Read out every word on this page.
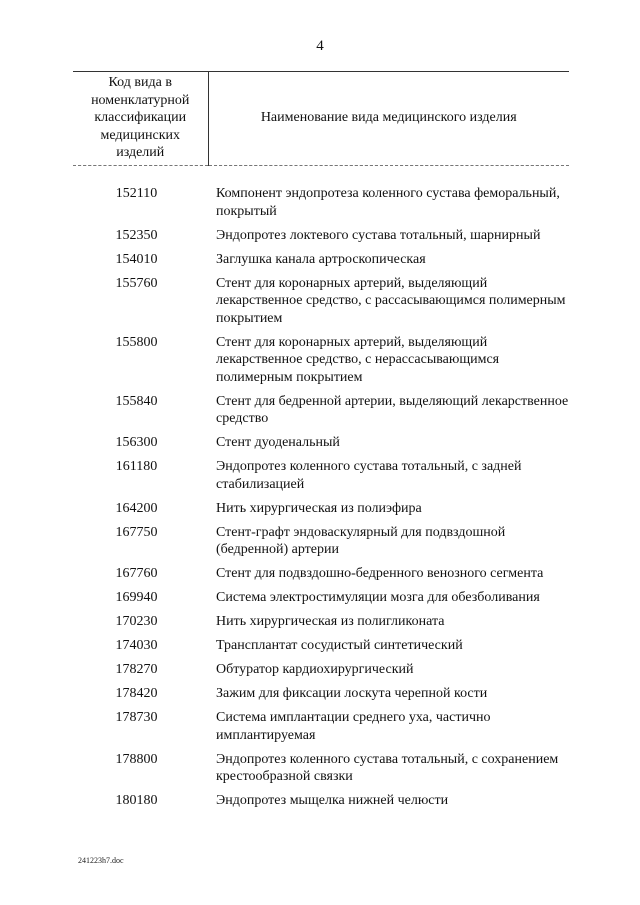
4
Код вида в номенклатурной классификации медицинских изделий	Наименование вида медицинского изделия

152110	Компонент эндопротеза коленного сустава феморальный, покрытый
152350	Эндопротез локтевого сустава тотальный, шарнирный
154010	Заглушка канала артроскопическая
155760	Стент для коронарных артерий, выделяющий лекарственное средство, с рассасывающимся полимерным покрытием
155800	Стент для коронарных артерий, выделяющий лекарственное средство, с нерассасывающимся полимерным покрытием
155840	Стент для бедренной артерии, выделяющий лекарственное средство
156300	Стент дуоденальный
161180	Эндопротез коленного сустава тотальный, с задней стабилизацией
164200	Нить хирургическая из полиэфира
167750	Стент-графт эндоваскулярный для подвздошной (бедренной) артерии
167760	Стент для подвздошно-бедренного венозного сегмента
169940	Система электростимуляции мозга для обезболивания
170230	Нить хирургическая из полигликоната
174030	Трансплантат сосудистый синтетический
178270	Обтуратор кардиохирургический
178420	Зажим для фиксации лоскута черепной кости
178730	Система имплантации среднего уха, частично имплантируемая
178800	Эндопротез коленного сустава тотальный, с сохранением крестообразной связки
180180	Эндопротез мыщелка нижней челюсти
241223h7.doc
